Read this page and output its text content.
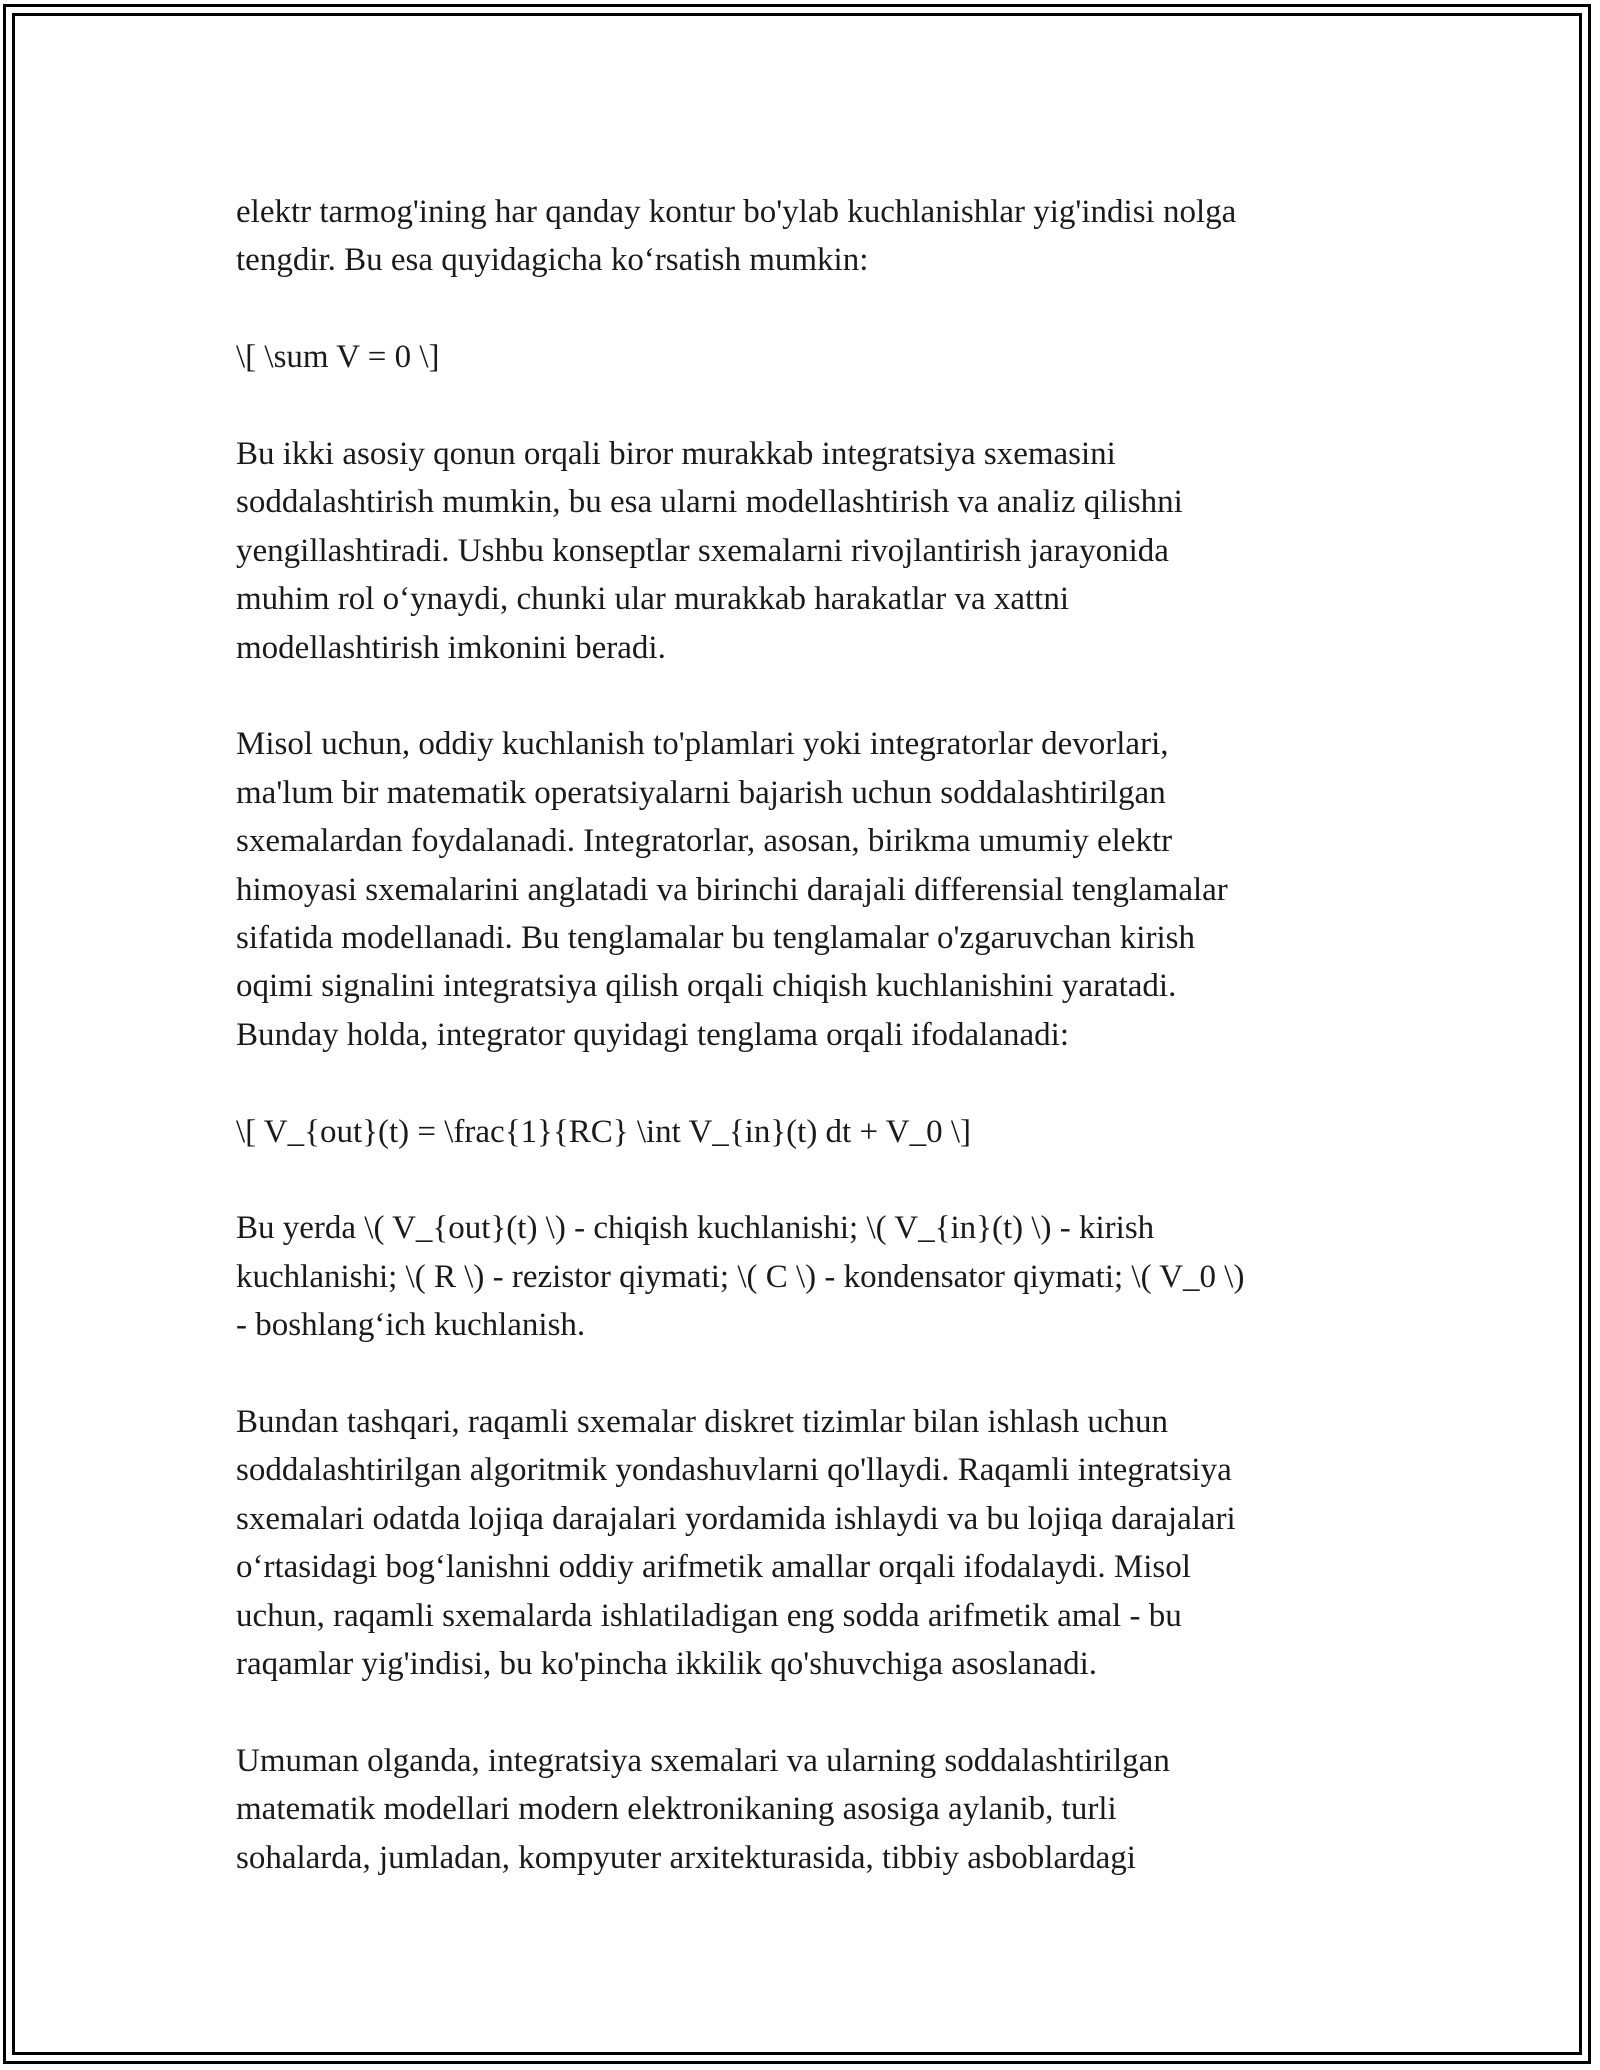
elektr tarmog'ining har qanday kontur bo'ylab kuchlanishlar yig'indisi nolga
tengdir. Bu esa quyidagicha koʻrsatish mumkin:

\[ \sum V = 0 \]

Bu ikki asosiy qonun orqali biror murakkab integratsiya sxemasini
soddalashtirish mumkin, bu esa ularni modellashtirish va analiz qilishni
yengillashtiradi. Ushbu konseptlar sxemalarni rivojlantirish jarayonida
muhim rol oʻynaydi, chunki ular murakkab harakatlar va xattni
modellashtirish imkonini beradi.

Misol uchun, oddiy kuchlanish to'plamlari yoki integratorlar devorlari,
ma'lum bir matematik operatsiyalarni bajarish uchun soddalashtirilgan
sxemalardan foydalanadi. Integratorlar, asosan, birikma umumiy elektr
himoyasi sxemalarini anglatadi va birinchi darajali differensial tenglamalar
sifatida modellanadi. Bu tenglamalar bu tenglamalar o'zgaruvchan kirish
oqimi signalini integratsiya qilish orqali chiqish kuchlanishini yaratadi.
Bunday holda, integrator quyidagi tenglama orqali ifodalanadi:

\[ V_{out}(t) = \frac{1}{RC} \int V_{in}(t) dt + V_0 \]

Bu yerda \( V_{out}(t) \) - chiqish kuchlanishi; \( V_{in}(t) \) - kirish
kuchlanishi; \( R \) - rezistor qiymati; \( C \) - kondensator qiymati; \( V_0 \)
- boshlangʻich kuchlanish.

Bundan tashqari, raqamli sxemalar diskret tizimlar bilan ishlash uchun
soddalashtirilgan algoritmik yondashuvlarni qo'llaydi. Raqamli integratsiya
sxemalari odatda lojiqa darajalari yordamida ishlaydi va bu lojiqa darajalari
oʻrtasidagi bogʻlanishni oddiy arifmetik amallar orqali ifodalaydi. Misol
uchun, raqamli sxemalarda ishlatiladigan eng sodda arifmetik amal - bu
raqamlar yig'indisi, bu ko'pincha ikkilik qo'shuvchiga asoslanadi.

Umuman olganda, integratsiya sxemalari va ularning soddalashtirilgan
matematik modellari modern elektronikaning asosiga aylanib, turli
sohalarda, jumladan, kompyuter arxitekturasida, tibbiy asboblardagi
